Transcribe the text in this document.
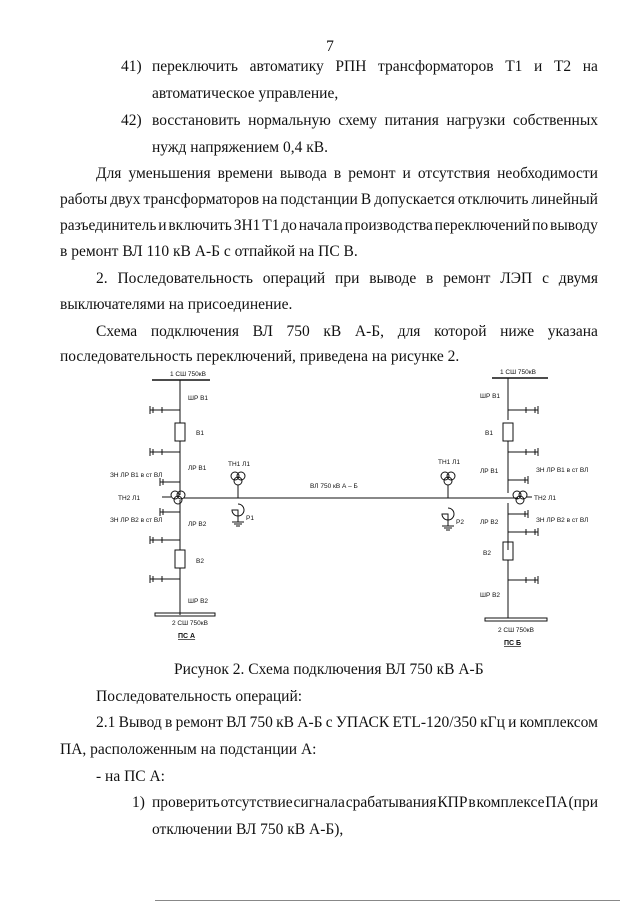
7
41) переключить автоматику РПН трансформаторов Т1 и Т2 на
автоматическое управление,
42) восстановить нормальную схему питания нагрузки собственных
нужд напряжением 0,4 кВ.
Для уменьшения времени вывода в ремонт и отсутствия необходимости
работы двух трансформаторов на подстанции В допускается отключить линейный
разъединитель и включить ЗН1 Т1 до начала производства переключений по выводу
в ремонт ВЛ 110 кВ А-Б с отпайкой на ПС В.
2. Последовательность операций при выводе в ремонт ЛЭП с двумя
выключателями на присоединение.
Схема подключения ВЛ 750 кВ А-Б, для которой ниже указана
последовательность переключений, приведена на рисунке 2.
1 СШ 750кВ
ШР В1
В1
ЛР В1
ЗН ЛР В1 в ст ВЛ
ТН2 Л1
ЗН ЛР В2 в ст ВЛ
ЛР В2
В2
ШР В2
2 СШ 750кВ
ПС А
ТН1 Л1
Р1
ВЛ 750 кВ А – Б
1 СШ 750кВ
ШР В1
В1
ЛР В1	ЗН ЛР В1 в ст ВЛ
ТН2 Л1
ЗН ЛР В2 в ст ВЛ
ЛР В2
В2
ШР В2
2 СШ 750кВ
ПС Б
ТН1 Л1
Р2
Рисунок 2. Схема подключения ВЛ 750 кВ А-Б
Последовательность операций:
2.1 Вывод в ремонт ВЛ 750 кВ А-Б с УПАСК ETL-120/350 кГц и комплексом
ПА, расположенным на подстанции А:
- на ПС А:
1) проверить отсутствие сигнала срабатывания КПР в комплексе ПА (при
отключении ВЛ 750 кВ А-Б),
